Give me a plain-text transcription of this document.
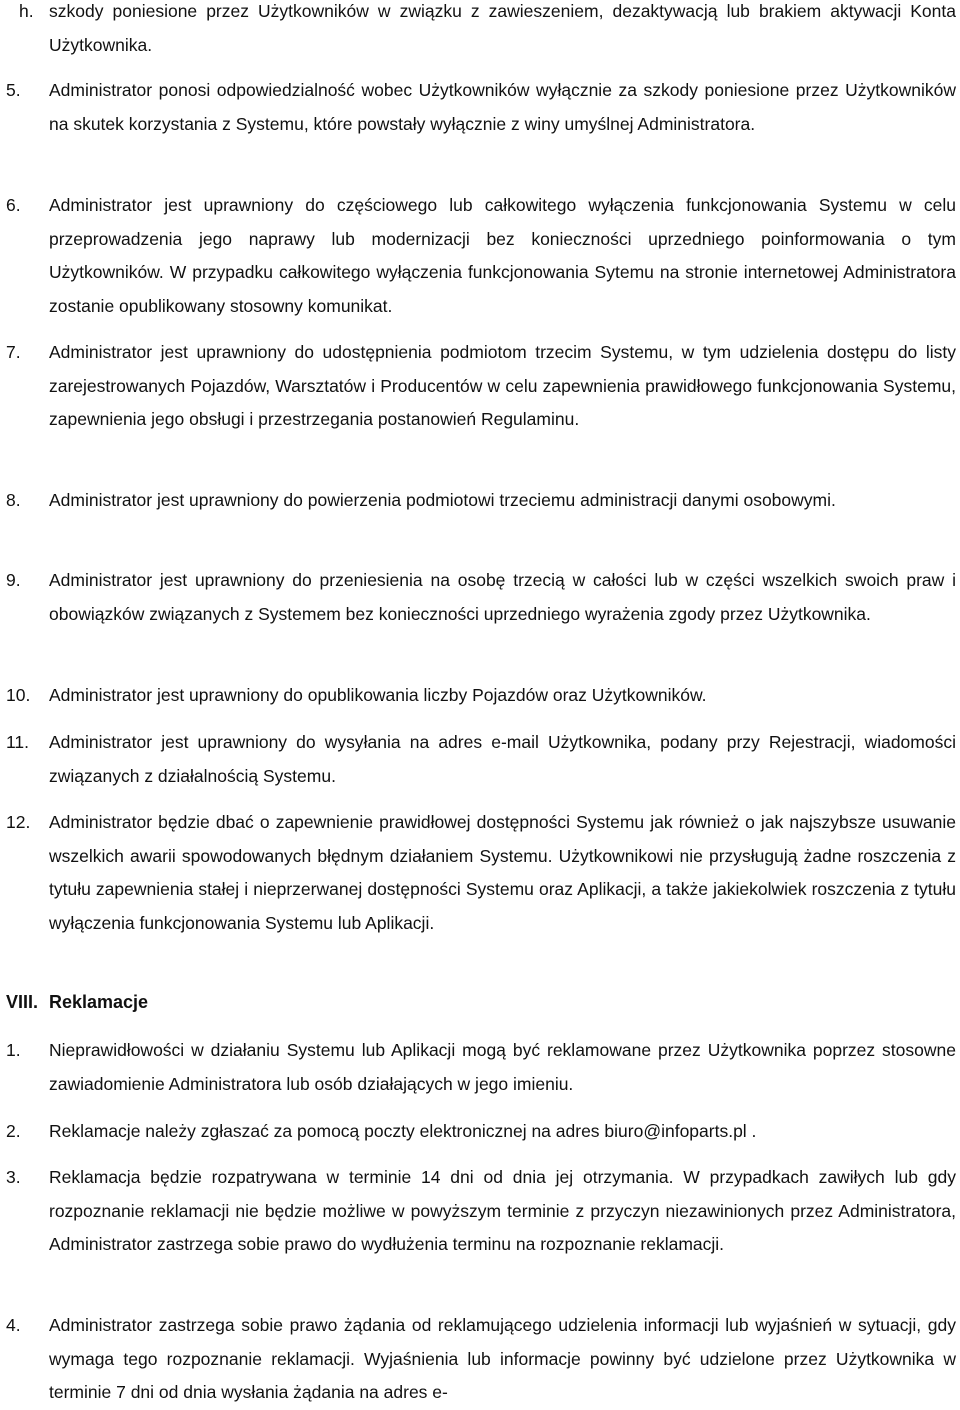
h. szkody poniesione przez Użytkowników w związku z zawieszeniem, dezaktywacją lub brakiem aktywacji Konta Użytkownika.
5. Administrator ponosi odpowiedzialność wobec Użytkowników wyłącznie za szkody poniesione przez Użytkowników na skutek korzystania z Systemu, które powstały wyłącznie z winy umyślnej Administratora.
6. Administrator jest uprawniony do częściowego lub całkowitego wyłączenia funkcjonowania Systemu w celu przeprowadzenia jego naprawy lub modernizacji bez konieczności uprzedniego poinformowania o tym Użytkowników. W przypadku całkowitego wyłączenia funkcjonowania Sytemu na stronie internetowej Administratora zostanie opublikowany stosowny komunikat.
7. Administrator jest uprawniony do udostępnienia podmiotom trzecim Systemu, w tym udzielenia dostępu do listy zarejestrowanych Pojazdów, Warsztatów i Producentów w celu zapewnienia prawidłowego funkcjonowania Systemu, zapewnienia jego obsługi i przestrzegania postanowień Regulaminu.
8. Administrator jest uprawniony do powierzenia podmiotowi trzeciemu administracji danymi osobowymi.
9. Administrator jest uprawniony do przeniesienia na osobę trzecią w całości lub w części wszelkich swoich praw i obowiązków związanych z Systemem bez konieczności uprzedniego wyrażenia zgody przez Użytkownika.
10. Administrator jest uprawniony do opublikowania liczby Pojazdów oraz Użytkowników.
11. Administrator jest uprawniony do wysyłania na adres e-mail Użytkownika, podany przy Rejestracji, wiadomości związanych z działalnością Systemu.
12. Administrator będzie dbać o zapewnienie prawidłowej dostępności Systemu jak również o jak najszybsze usuwanie wszelkich awarii spowodowanych błędnym działaniem Systemu. Użytkownikowi nie przysługują żadne roszczenia z tytułu zapewnienia stałej i nieprzerwanej dostępności Systemu oraz Aplikacji, a także jakiekolwiek roszczenia z tytułu wyłączenia funkcjonowania Systemu lub Aplikacji.
VIII. Reklamacje
1. Nieprawidłowości w działaniu Systemu lub Aplikacji mogą być reklamowane przez Użytkownika poprzez stosowne zawiadomienie Administratora lub osób działających w jego imieniu.
2. Reklamacje należy zgłaszać za pomocą poczty elektronicznej na adres biuro@infoparts.pl .
3. Reklamacja będzie rozpatrywana w terminie 14 dni od dnia jej otrzymania. W przypadkach zawiłych lub gdy rozpoznanie reklamacji nie będzie możliwe w powyższym terminie z przyczyn niezawinionych przez Administratora, Administrator zastrzega sobie prawo do wydłużenia terminu na rozpoznanie reklamacji.
4. Administrator zastrzega sobie prawo żądania od reklamującego udzielenia informacji lub wyjaśnień w sytuacji, gdy wymaga tego rozpoznanie reklamacji. Wyjaśnienia lub informacje powinny być udzielone przez Użytkownika w terminie 7 dni od dnia wysłania żądania na adres e-
